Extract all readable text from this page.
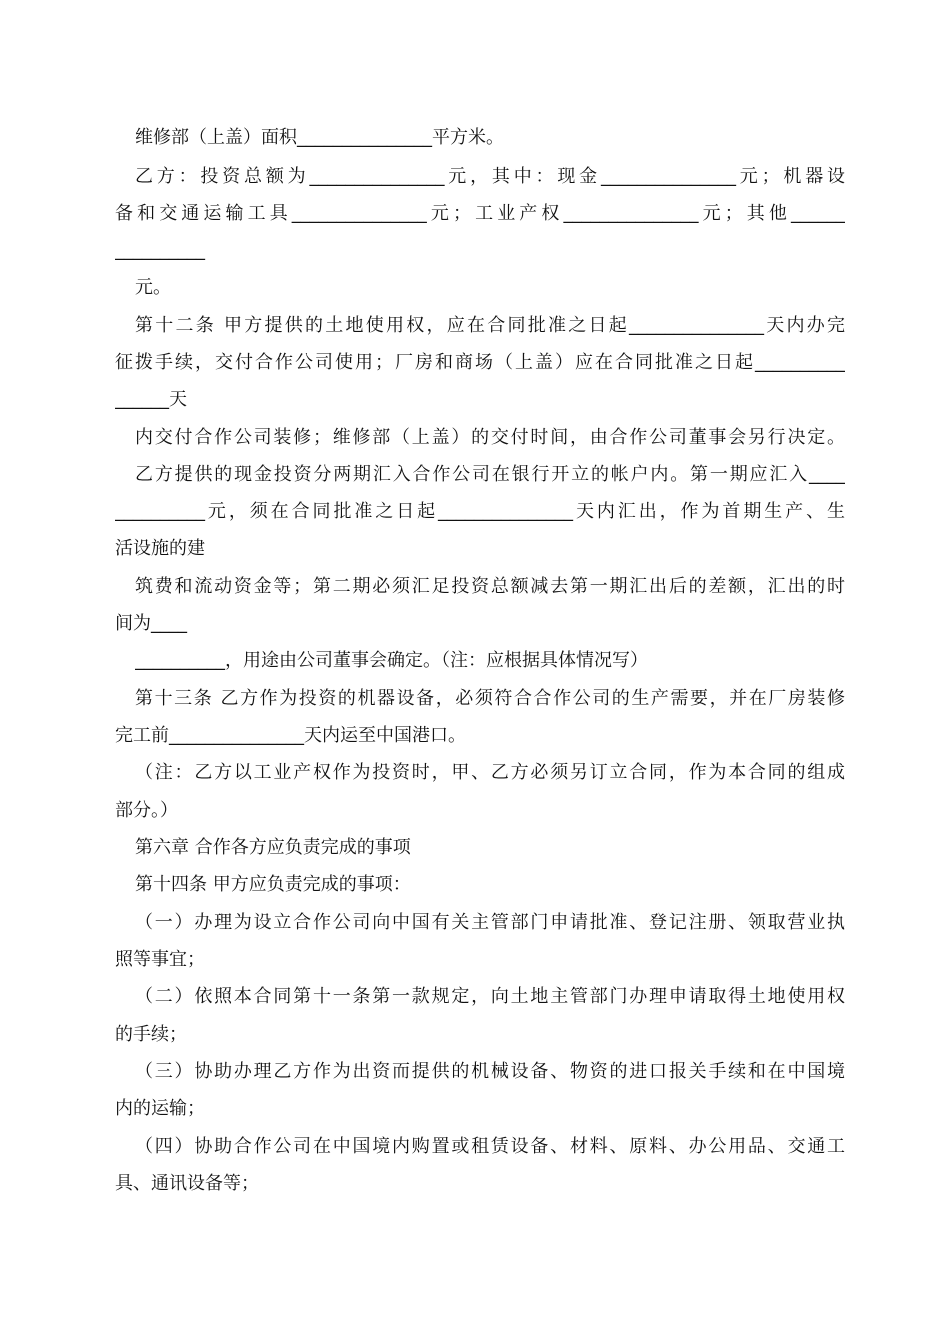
维修部（上盖）面积_______________平方米。
乙方：投资总额为_______________元，其中：现金_______________元；机器设
备和交通运输工具_______________元；工业产权_______________元；其他______
__________
元。
第十二条 甲方提供的土地使用权，应在合同批准之日起_______________天内办完
征拨手续，交付合作公司使用；厂房和商场（上盖）应在合同批准之日起__________
______天
内交付合作公司装修；维修部（上盖）的交付时间，由合作公司董事会另行决定。
乙方提供的现金投资分两期汇入合作公司在银行开立的帐户内。第一期应汇入____
__________元，须在合同批准之日起_______________天内汇出，作为首期生产、生
活设施的建
筑费和流动资金等；第二期必须汇足投资总额减去第一期汇出后的差额，汇出的时
间为____
__________，用途由公司董事会确定。（注：应根据具体情况写）
第十三条 乙方作为投资的机器设备，必须符合合作公司的生产需要，并在厂房装修
完工前_______________天内运至中国港口。
（注：乙方以工业产权作为投资时，甲、乙方必须另订立合同，作为本合同的组成
部分。）
第六章 合作各方应负责完成的事项
第十四条 甲方应负责完成的事项：
（一）办理为设立合作公司向中国有关主管部门申请批准、登记注册、领取营业执
照等事宜；
（二）依照本合同第十一条第一款规定，向土地主管部门办理申请取得土地使用权
的手续；
（三）协助办理乙方作为出资而提供的机械设备、物资的进口报关手续和在中国境
内的运输；
（四）协助合作公司在中国境内购置或租赁设备、材料、原料、办公用品、交通工
具、通讯设备等；
